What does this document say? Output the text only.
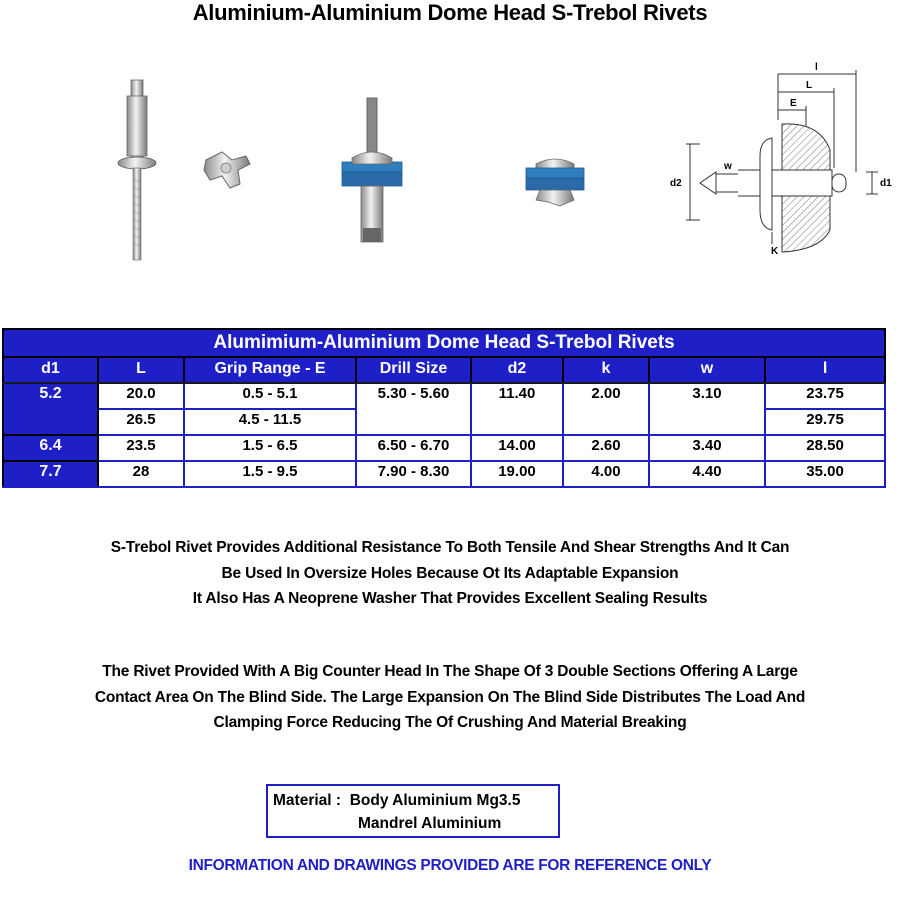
Aluminium-Aluminium Dome Head S-Trebol Rivets
l
L
E
w
d2	d1
K
Alumimium-Aluminium Dome Head S-Trebol Rivets							
d1	L	Grip Range - E	Drill Size	d2	k	w	l
5.2	20.0	0.5 - 5.1	5.30 - 5.60	11.40	2.00	3.10	23.75
	26.5	4.5 - 11.5					29.75
6.4	23.5	1.5 - 6.5	6.50 - 6.70	14.00	2.60	3.40	28.50
7.7	28	1.5 - 9.5	7.90 - 8.30	19.00	4.00	4.40	35.00
S-Trebol Rivet Provides Additional Resistance To Both Tensile And Shear Strengths And It Can
Be Used In Oversize Holes Because Ot Its Adaptable Expansion
It Also Has A Neoprene Washer That Provides Excellent Sealing Results
The Rivet Provided With A Big Counter Head In The Shape Of 3 Double Sections Offering A Large
Contact Area On The Blind Side. The Large Expansion On The Blind Side Distributes The Load And
Clamping Force Reducing The Of Crushing And Material Breaking
Material : Body Aluminium Mg3.5
Mandrel Aluminium
INFORMATION AND DRAWINGS PROVIDED ARE FOR REFERENCE ONLY
